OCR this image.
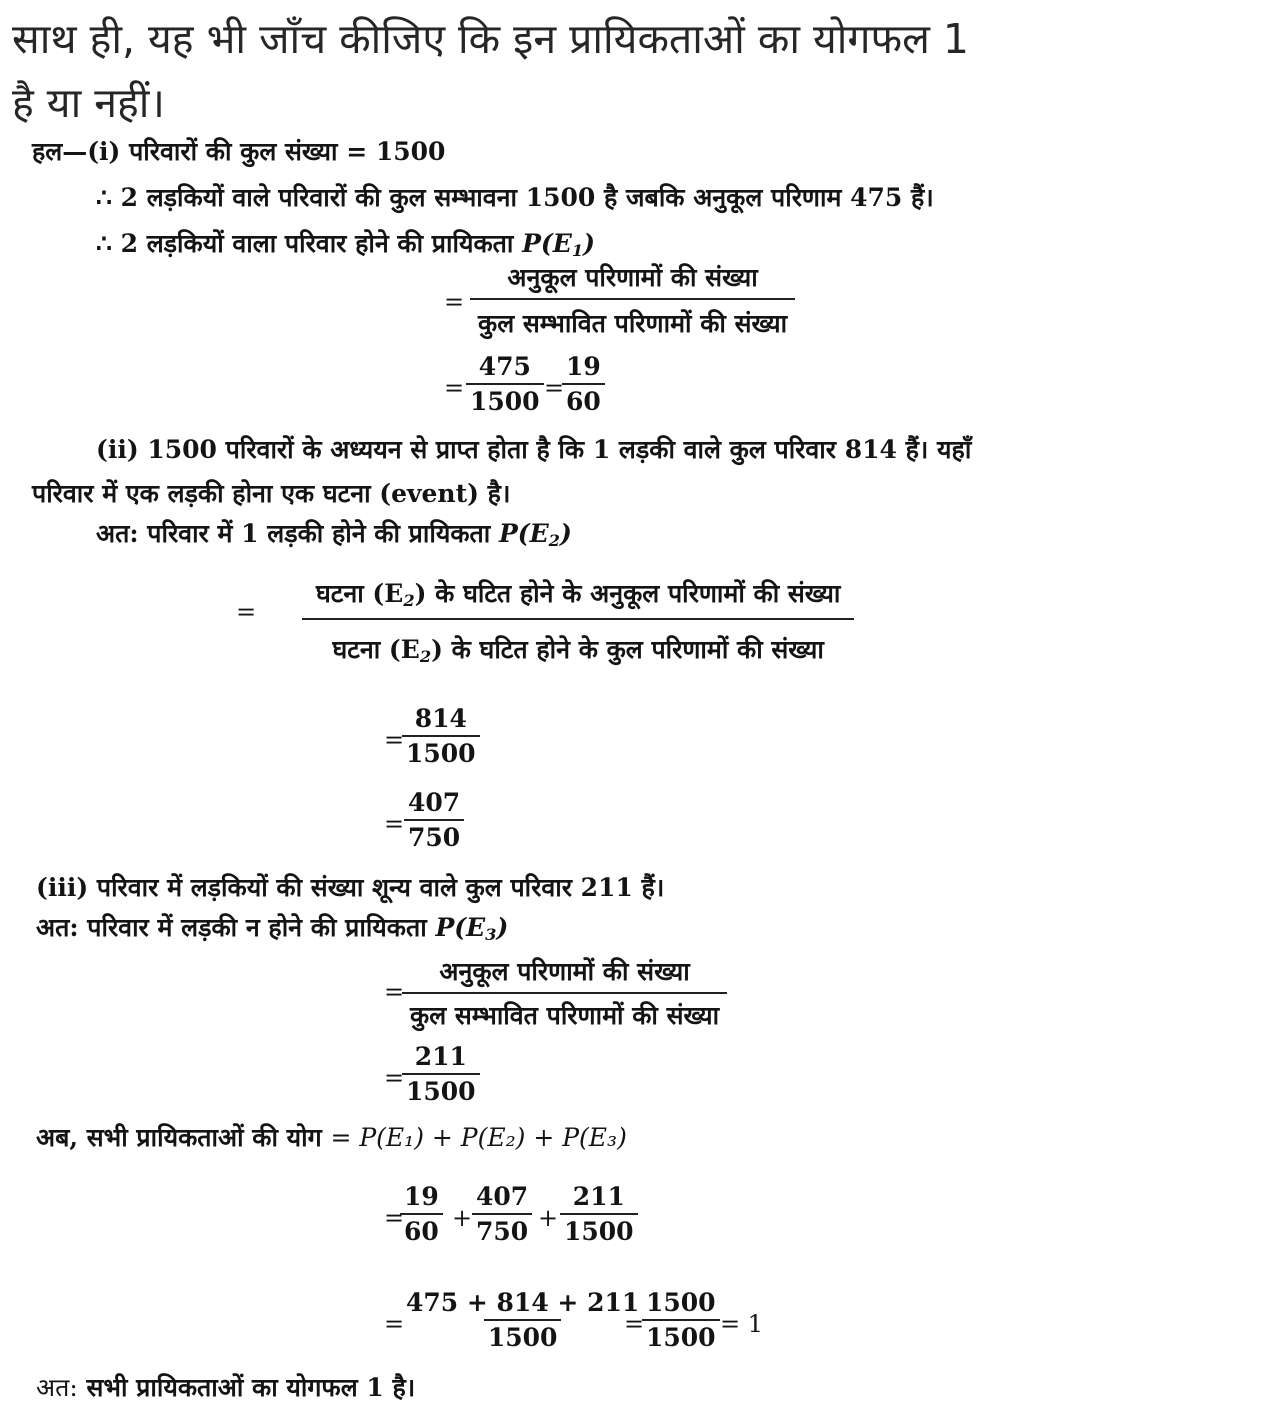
साथ ही, यह भी जाँच कीजिए कि इन प्रायिकताओं का योगफल 1
है या नहीं।
हल—(i) परिवारों की कुल संख्या = 1500
∴ 2 लड़कियों वाले परिवारों की कुल सम्भावना 1500 है जबकि अनुकूल परिणाम 475 हैं।
∴ 2 लड़कियों वाला परिवार होने की प्रायिकता $P(E_1)$
=
अनुकूल परिणामों की संख्या
कुल सम्भावित परिणामों की संख्या
= $\frac{475}{1500}$ =
$\frac{19}{60}$
(ii) 1500 परिवारों के अध्ययन से प्राप्त होता है कि 1 लड़की वाले कुल परिवार 814 हैं। यहाँ
परिवार में एक लड़की होना एक घटना (event) है।
अत: परिवार में 1 लड़की होने की प्रायिकता $P(E_2)$
=
घटना $(E_2)$ के घटित होने के अनुकूल परिणामों की संख्या
घटना $(E_2)$ के घटित होने के कुल परिणामों की संख्या
=
$\frac{814}{1500}$
= $\frac{407}{750}$
(iii) परिवार में लड़कियों की संख्या शून्य वाले कुल परिवार 211 हैं।
अत: परिवार में लड़की न होने की प्रायिकता $P(E_3)$
=
अनुकूल परिणामों की संख्या
कुल सम्भावित परिणामों की संख्या
=
$\frac{211}{1500}$
अब, सभी प्रायिकताओं की योग = P(E₁) + P(E₂) + P(E₃)
=
$\frac{19}{60} + \frac{407}{750} + \frac{211}{1500}$
=
$\frac{475 + 814 + 211}{1500}$
=
$\frac{1500}{1500} = 1$
अत: सभी प्रायिकताओं का योगफल 1 है।
